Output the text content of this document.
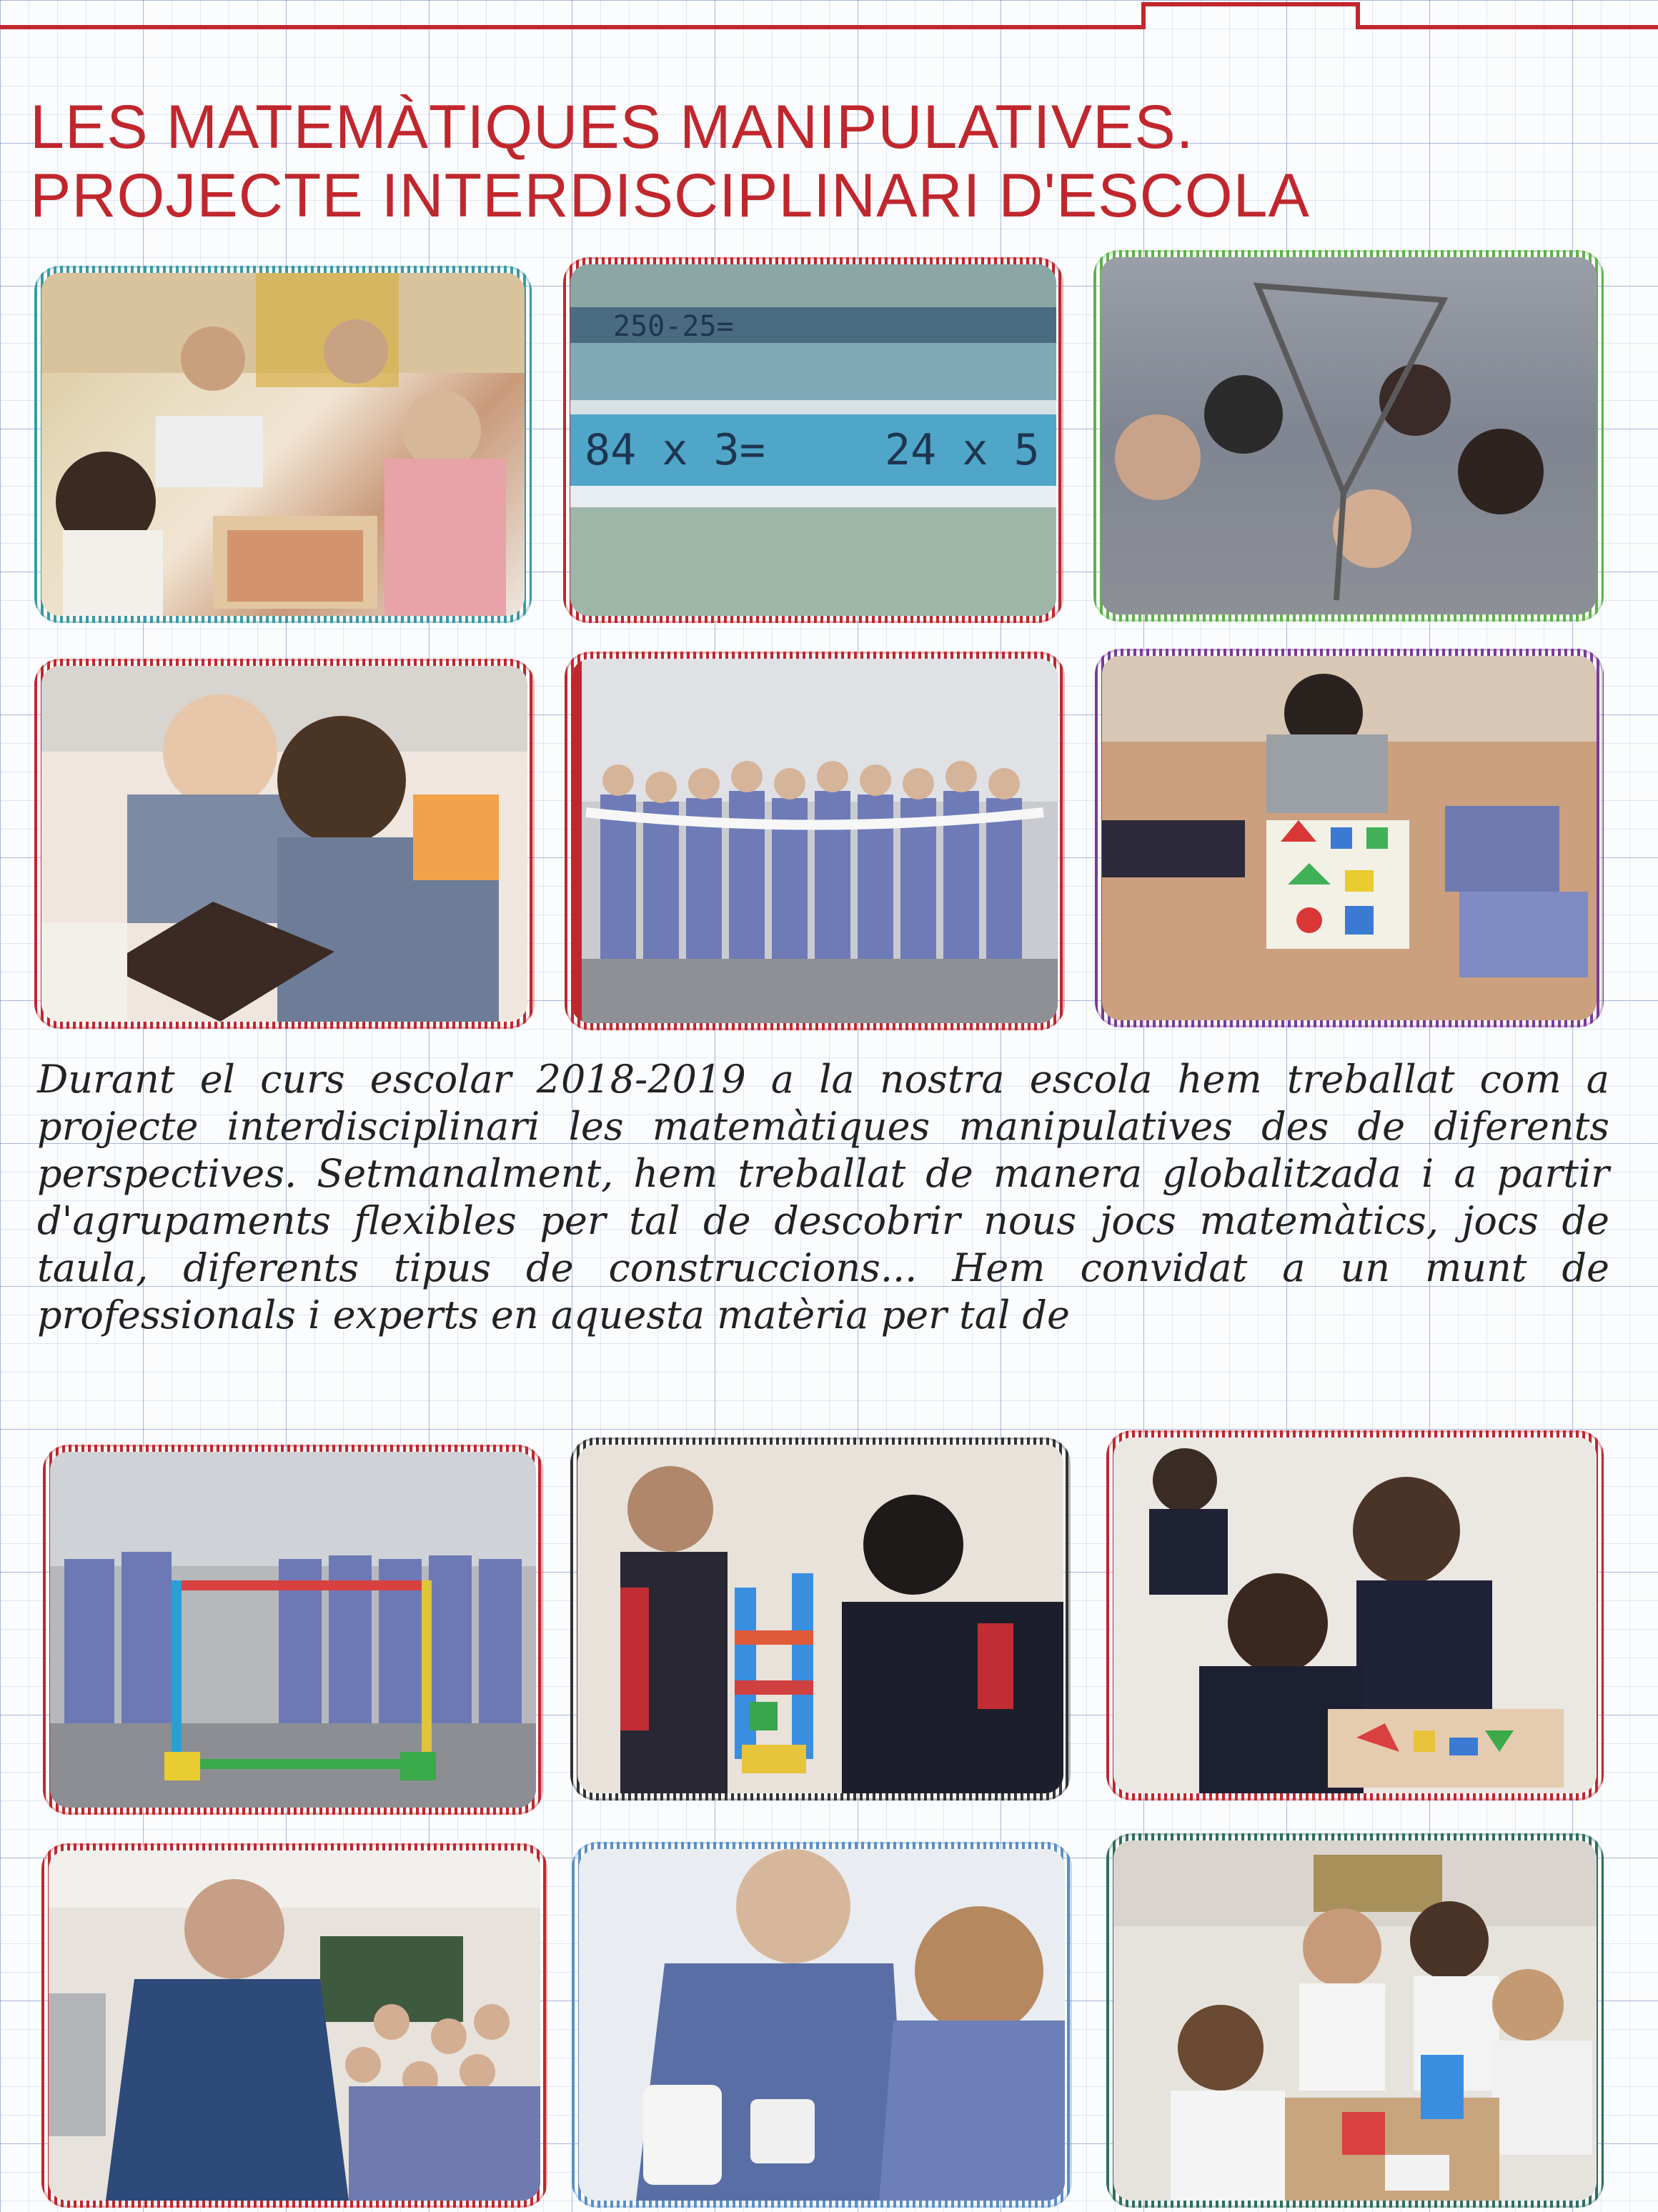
LES MATEMÀTIQUES MANIPULATIVES.
PROJECTE INTERDISCIPLINARI D'ESCOLA
84 x 3=	24 x 5
250-25=
Durant el curs escolar 2018-2019 a la nostra escola hem treballat com a projecte interdisciplinari les matemàtiques manipulatives des de diferents perspectives. Setmanalment, hem treballat de manera globalitzada i a partir d'agrupaments flexibles per tal de descobrir nous jocs matemàtics, jocs de taula, diferents tipus de construccions... Hem convidat a un munt de professionals i experts en aquesta matèria per tal de
